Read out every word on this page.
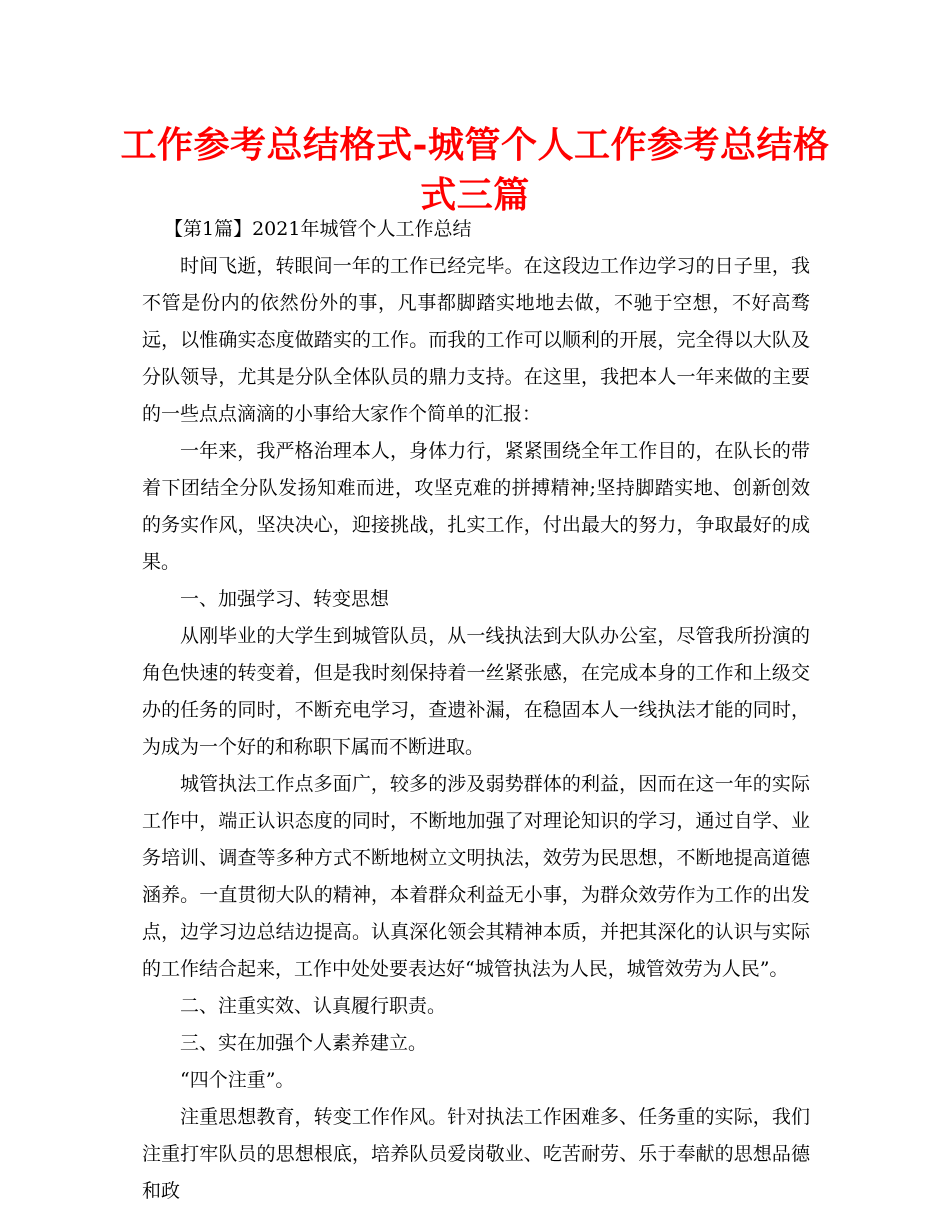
工作参考总结格式-城管个人工作参考总结格式三篇
【第1篇】2021年城管个人工作总结

时间飞逝，转眼间一年的工作已经完毕。在这段边工作边学习的日子里，我不管是份内的依然份外的事，凡事都脚踏实地地去做，不驰于空想，不好高骛远，以惟确实态度做踏实的工作。而我的工作可以顺利的开展，完全得以大队及分队领导，尤其是分队全体队员的鼎力支持。在这里，我把本人一年来做的主要的一些点点滴滴的小事给大家作个简单的汇报：

一年来，我严格治理本人，身体力行，紧紧围绕全年工作目的，在队长的带着下团结全分队发扬知难而进，攻坚克难的拼搏精神;坚持脚踏实地、创新创效的务实作风，坚决决心，迎接挑战，扎实工作，付出最大的努力，争取最好的成果。

一、加强学习、转变思想

从刚毕业的大学生到城管队员，从一线执法到大队办公室，尽管我所扮演的角色快速的转变着，但是我时刻保持着一丝紧张感，在完成本身的工作和上级交办的任务的同时，不断充电学习，查遗补漏，在稳固本人一线执法才能的同时，为成为一个好的和称职下属而不断进取。

城管执法工作点多面广，较多的涉及弱势群体的利益，因而在这一年的实际工作中，端正认识态度的同时，不断地加强了对理论知识的学习，通过自学、业务培训、调查等多种方式不断地树立文明执法，效劳为民思想，不断地提高道德涵养。一直贯彻大队的精神，本着群众利益无小事，为群众效劳作为工作的出发点，边学习边总结边提高。认真深化领会其精神本质，并把其深化的认识与实际的工作结合起来，工作中处处要表达好“城管执法为人民，城管效劳为人民”。

二、注重实效、认真履行职责。

三、实在加强个人素养建立。

“四个注重”。

注重思想教育，转变工作作风。针对执法工作困难多、任务重的实际，我们注重打牢队员的思想根底，培养队员爱岗敬业、吃苦耐劳、乐于奉献的思想品德和政
